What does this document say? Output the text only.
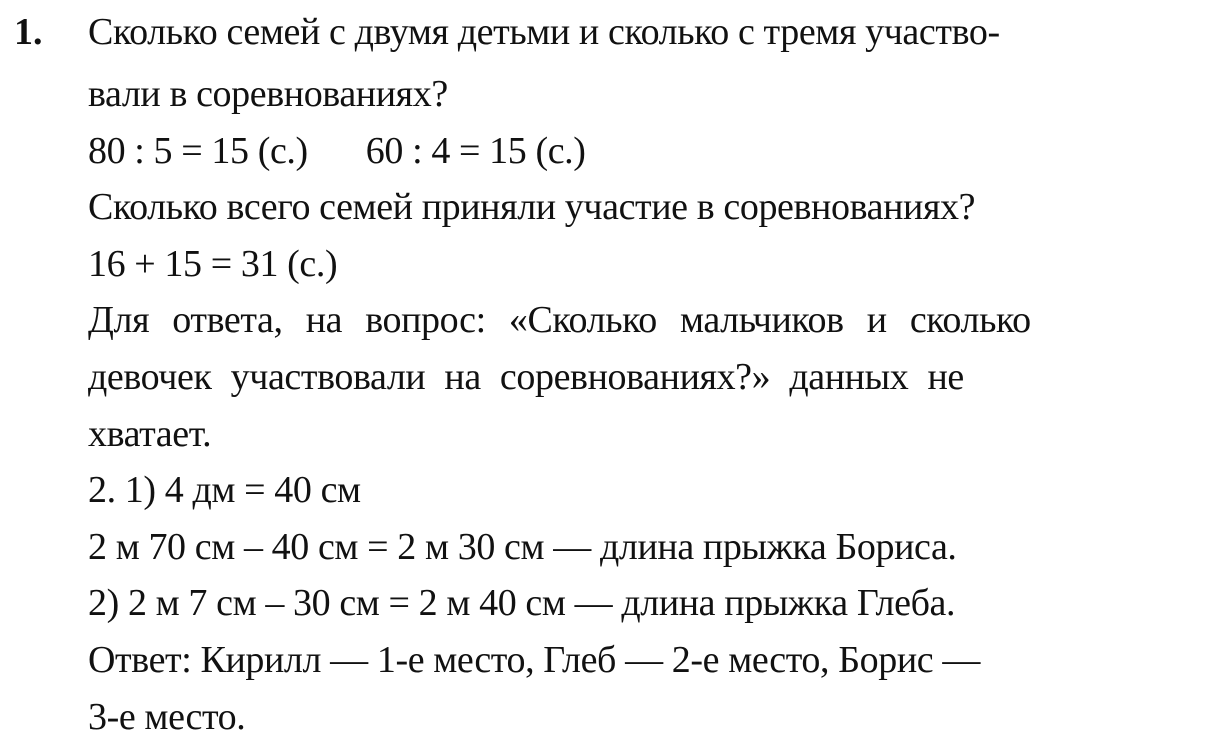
1. Сколько семей с двумя детьми и сколько с тремя участво-
вали в соревнованиях?
80 : 5 = 15 (с.) 60 : 4 = 15 (с.)
Сколько всего семей приняли участие в соревнованиях?
16 + 15 = 31 (с.)
Для ответа, на вопрос: «Сколько мальчиков и сколько
девочек участвовали на соревнованиях?» данных не
хватает.
2. 1) 4 дм = 40 см
2 м 70 см – 40 см = 2 м 30 см — длина прыжка Бориса.
2) 2 м 7 см – 30 см = 2 м 40 см — длина прыжка Глеба.
Ответ: Кирилл — 1-е место, Глеб — 2-е место, Борис —
3-е место.
